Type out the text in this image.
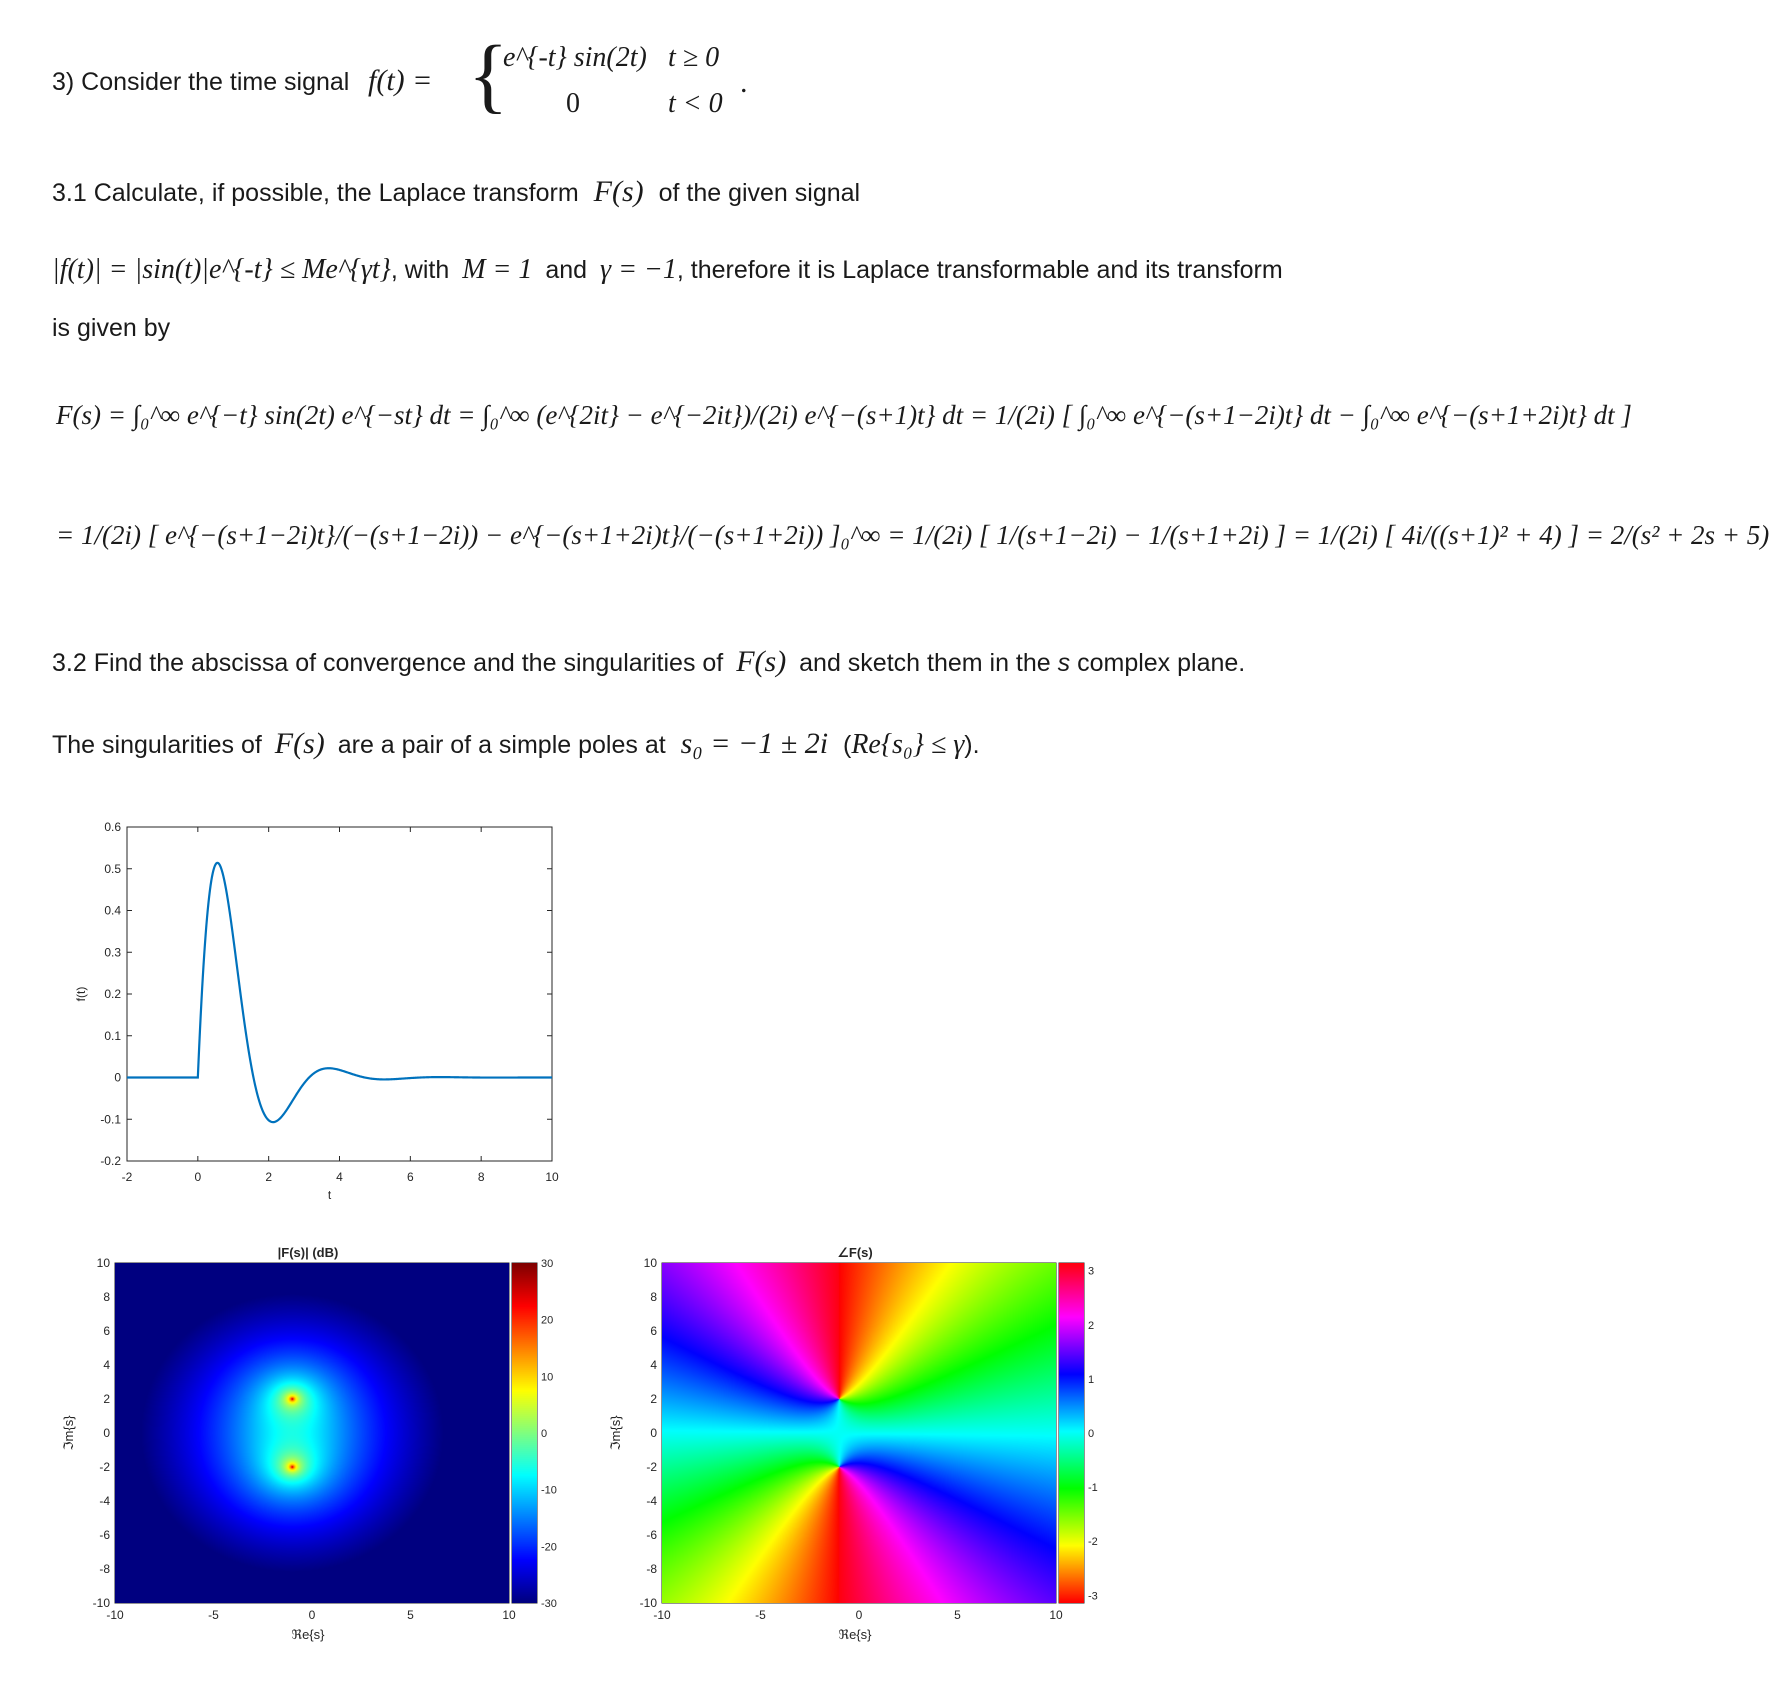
3) Consider the time signal f(t) = {
e^{-t} sin(2t) t ≥ 0
0	t < 0
.
3.1 Calculate, if possible, the Laplace transform F(s) of the given signal
|f(t)| = |sin(t)|e^{-t} ≤ Me^{γt}, with M = 1 and γ = −1, therefore it is Laplace transformable and its transform
is given by
F(s) = ∫₀^∞ e^{−t} sin(2t) e^{−st} dt = ∫₀^∞ (e^{2it} − e^{−2it})/(2i) e^{−(s+1)t} dt = 1/(2i) [ ∫₀^∞ e^{−(s+1−2i)t} dt − ∫₀^∞ e^{−(s+1+2i)t} dt ]
= 1/(2i) [ e^{−(s+1−2i)t}/(−(s+1−2i)) − e^{−(s+1+2i)t}/(−(s+1+2i)) ]₀^∞ = 1/(2i) [ 1/(s+1−2i) − 1/(s+1+2i) ] = 1/(2i) [ 4i/((s+1)² + 4) ] = 2/(s² + 2s + 5)
3.2 Find the abscissa of convergence and the singularities of F(s) and sketch them in the s complex plane.
The singularities of F(s) are a pair of a simple poles at s₀ = −1 ± 2i (Re{s₀} ≤ γ).
-2	0	2	4	6	8	10
0.6
0.5
0.4
0.3
0.2
0.1
0
-0.1
-0.2
t
f(t)
-10	-5	0	5	10
10
8
6
4
2
0
-2
-4
-6
-8
-10
ℜe{s}
ℑm{s}
|F(s)| (dB)
30
20
10
0
-10
-20
-30
-10	-5	0	5	10
10
8
6
4
2
0
-2
-4
-6
-8
-10
ℜe{s}
ℑm{s}
∠F(s)
3
2
1
0
-1
-2
-3
